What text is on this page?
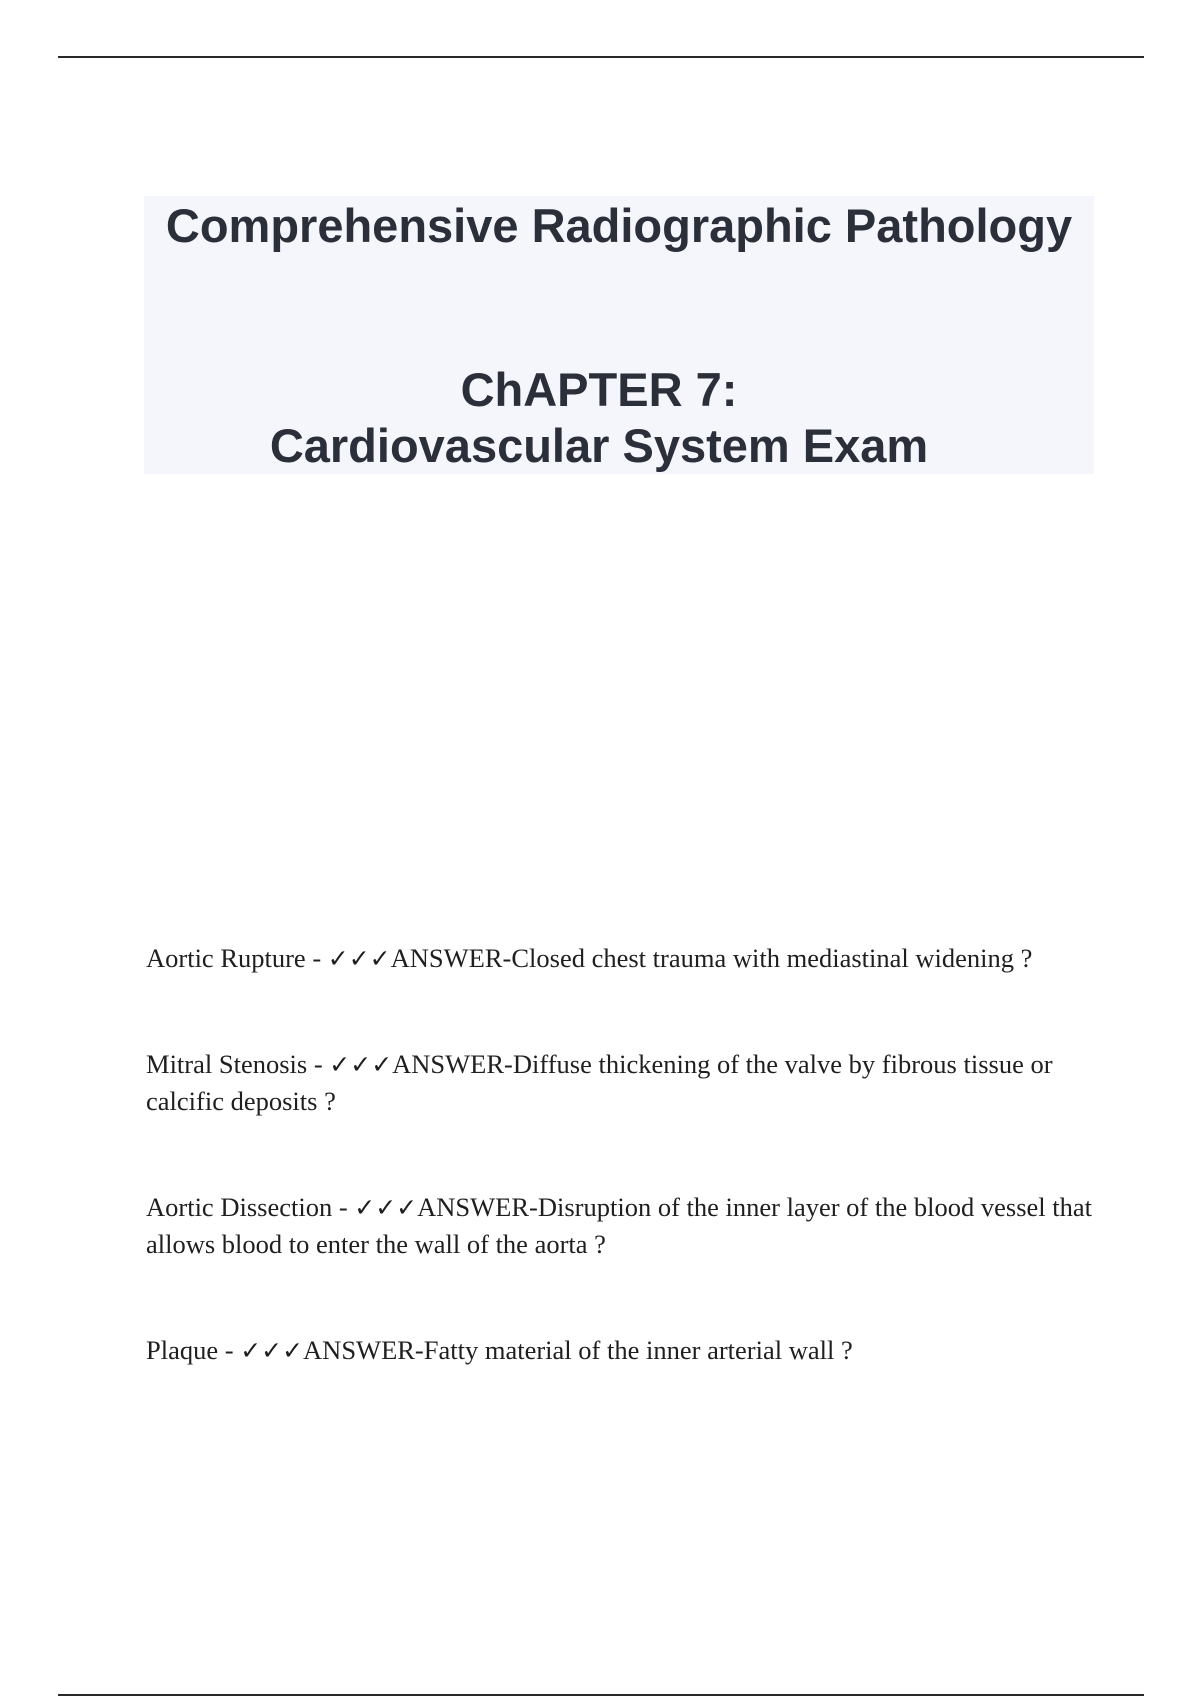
Comprehensive Radiographic Pathology
ChAPTER 7:
Cardiovascular System Exam

Aortic Rupture - ✓✓✓ANSWER-Closed chest trauma with mediastinal widening ?

Mitral Stenosis - ✓✓✓ANSWER-Diffuse thickening of the valve by fibrous tissue or calcific deposits ?

Aortic Dissection - ✓✓✓ANSWER-Disruption of the inner layer of the blood vessel that allows blood to enter the wall of the aorta ?

Plaque - ✓✓✓ANSWER-Fatty material of the inner arterial wall ?
